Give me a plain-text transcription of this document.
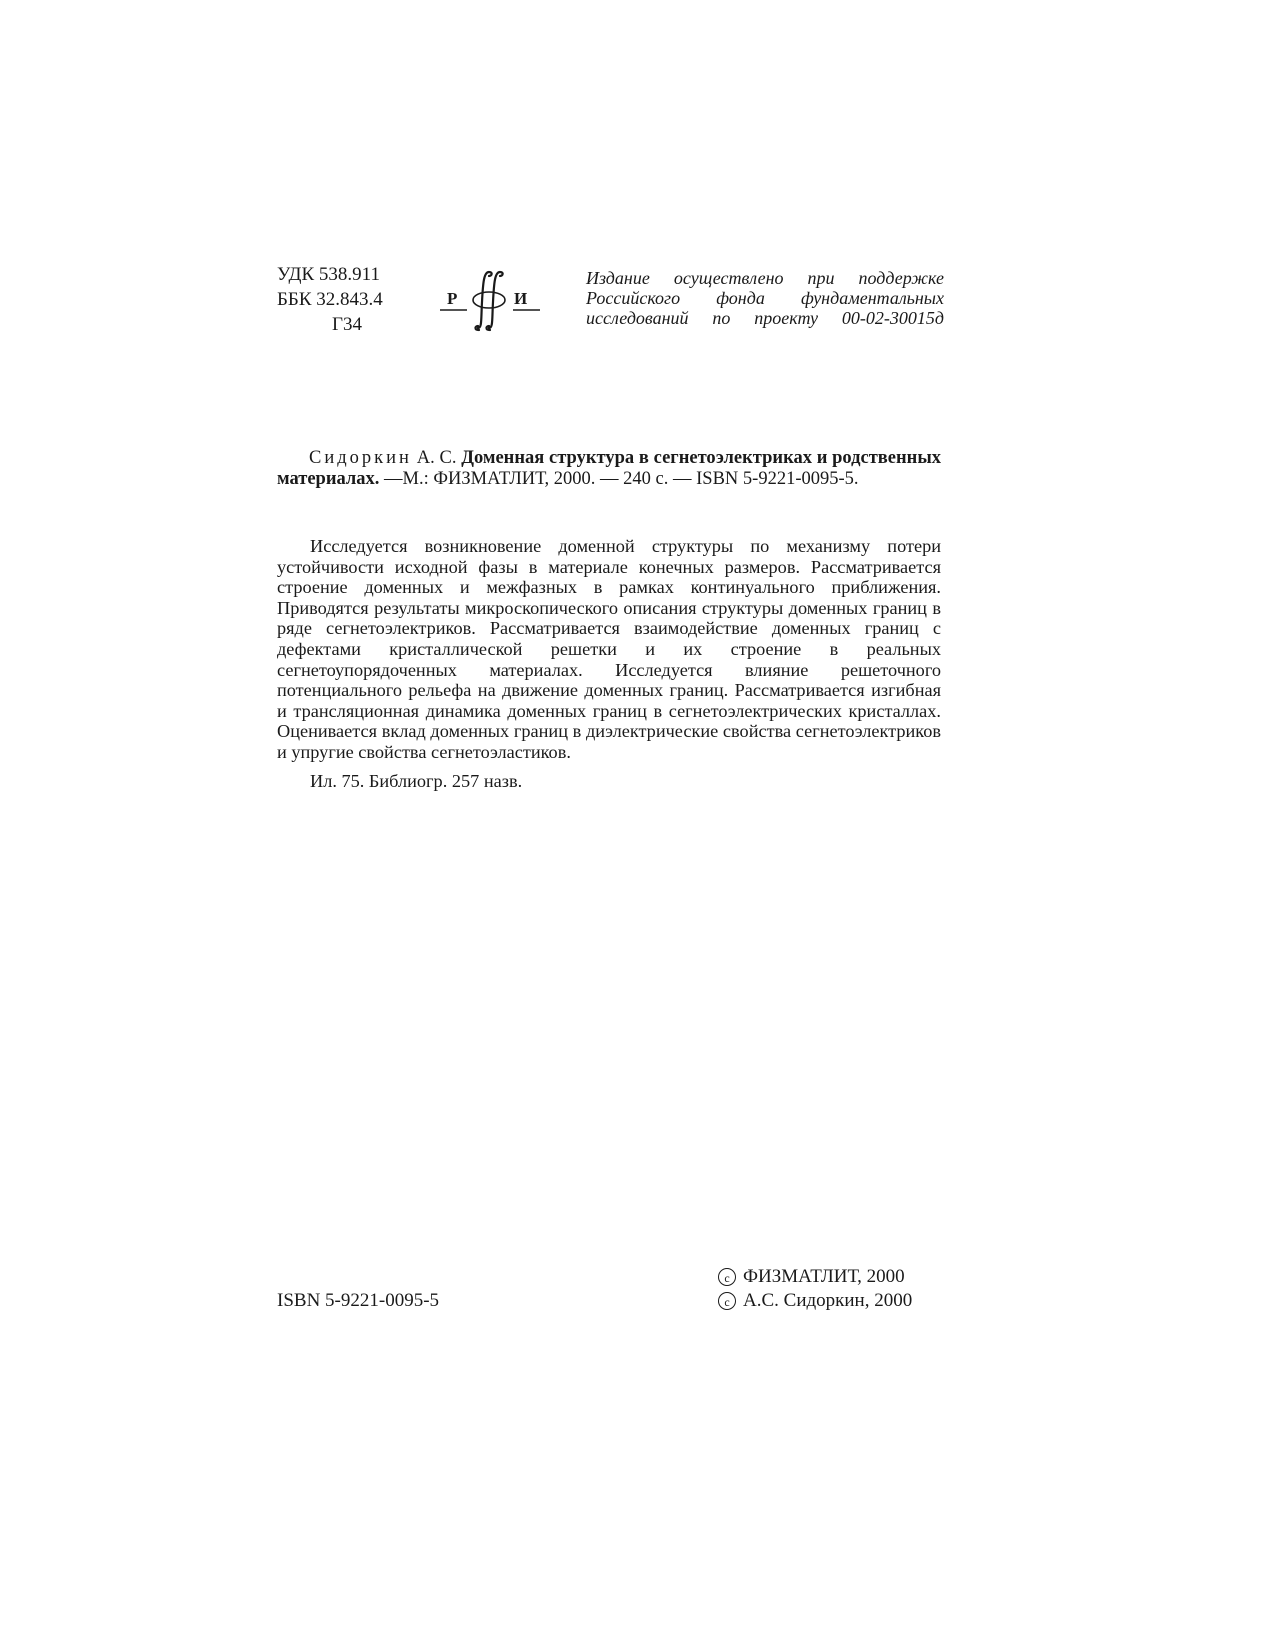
УДК 538.911
ББК 32.843.4
Г34
Р	И
Издание осуществлено при поддержке
Российского фонда фундаментальных
исследований по проекту 00-02-30015д
Сидоркин А. С. Доменная структура в сегнетоэлектриках и родственных материалах. —М.: ФИЗМАТЛИТ, 2000. — 240 с. — ISBN 5-9221-0095-5.

Исследуется возникновение доменной структуры по механизму потери устойчивости исходной фазы в материале конечных размеров. Рассматривается строение доменных и межфазных в рамках континуального приближения. Приводятся результаты микроскопического описания структуры доменных границ в ряде сегнетоэлектриков. Рассматривается взаимодействие доменных границ с дефектами кристаллической решетки и их строение в реальных сегнетоупорядоченных материалах. Исследуется влияние решеточного потенциального рельефа на движение доменных границ. Рассматривается изгибная и трансляционная динамика доменных границ в сегнетоэлектрических кристаллах. Оценивается вклад доменных границ в диэлектрические свойства сегнетоэлектриков и упругие свойства сегнетоэластиков.

Ил. 75. Библиогр. 257 назв.

ISBN 5-9221-0095-5
c ФИЗМАТЛИТ, 2000
c А.С. Сидоркин, 2000
